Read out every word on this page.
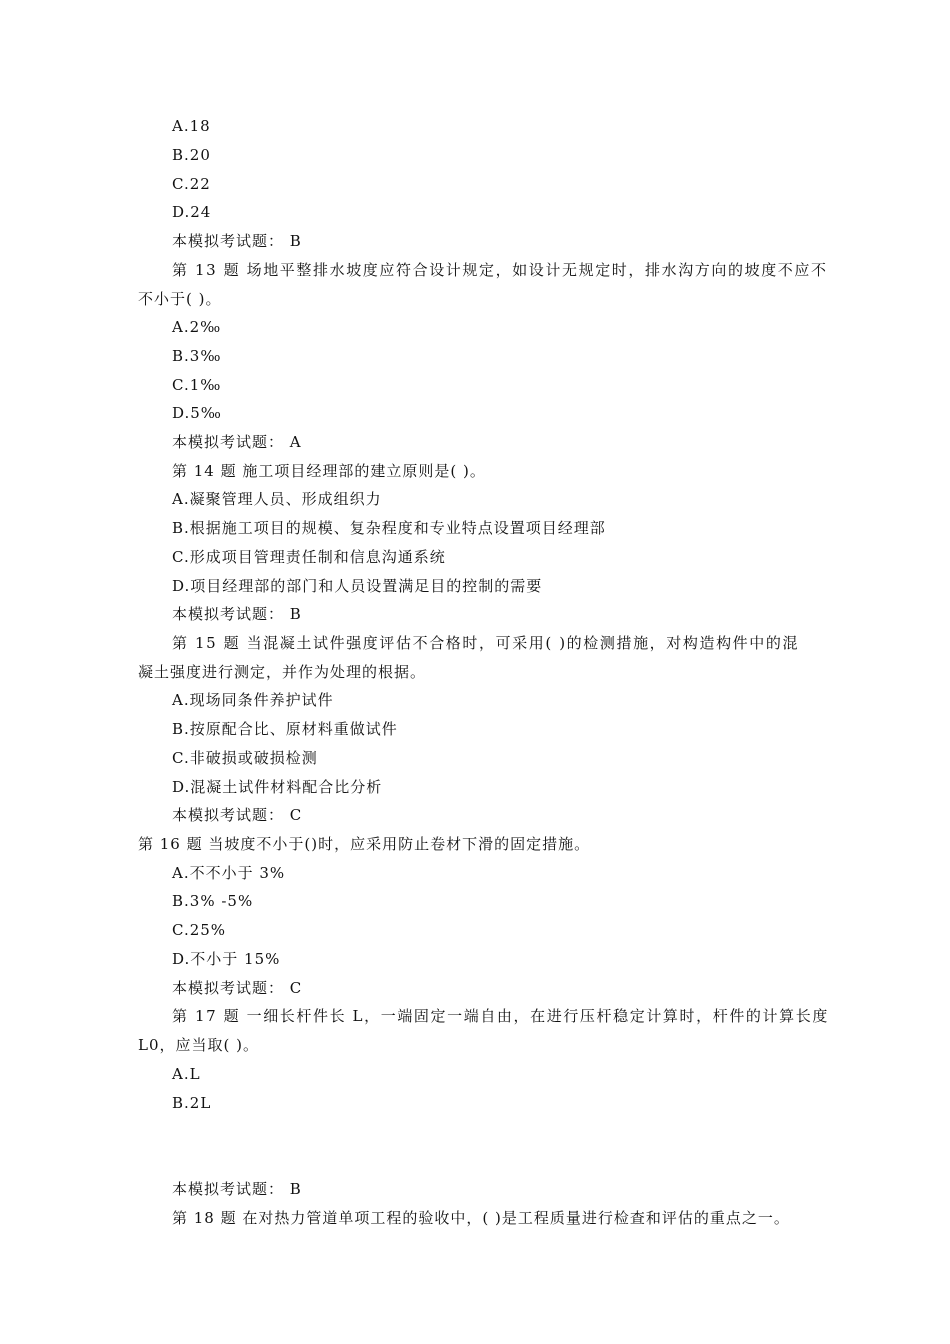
A.18
B.20
C.22
D.24
本模拟考试题： B
第 13 题 场地平整排水坡度应符合设计规定，如设计无规定时，排水沟方向的坡度不应不
不小于( )。
A.2‰
B.3‰
C.1‰
D.5‰
本模拟考试题： A
第 14 题 施工项目经理部的建立原则是( )。
A.凝聚管理人员、形成组织力
B.根据施工项目的规模、复杂程度和专业特点设置项目经理部
C.形成项目管理责任制和信息沟通系统
D.项目经理部的部门和人员设置满足目的控制的需要
本模拟考试题： B
第 15 题 当混凝土试件强度评估不合格时，可采用( )的检测措施，对构造构件中的混
凝土强度进行测定，并作为处理的根据。
A.现场同条件养护试件
B.按原配合比、原材料重做试件
C.非破损或破损检测
D.混凝土试件材料配合比分析
本模拟考试题： C
第 16 题 当坡度不小于()时，应采用防止卷材下滑的固定措施。
A.不不小于 3%
B.3% -5%
C.25%
D.不小于 15%
本模拟考试题： C
第 17 题 一细长杆件长 L，一端固定一端自由，在进行压杆稳定计算时，杆件的计算长度
L0，应当取( )。
A.L
B.2L
本模拟考试题： B
第 18 题 在对热力管道单项工程的验收中，( )是工程质量进行检查和评估的重点之一。
